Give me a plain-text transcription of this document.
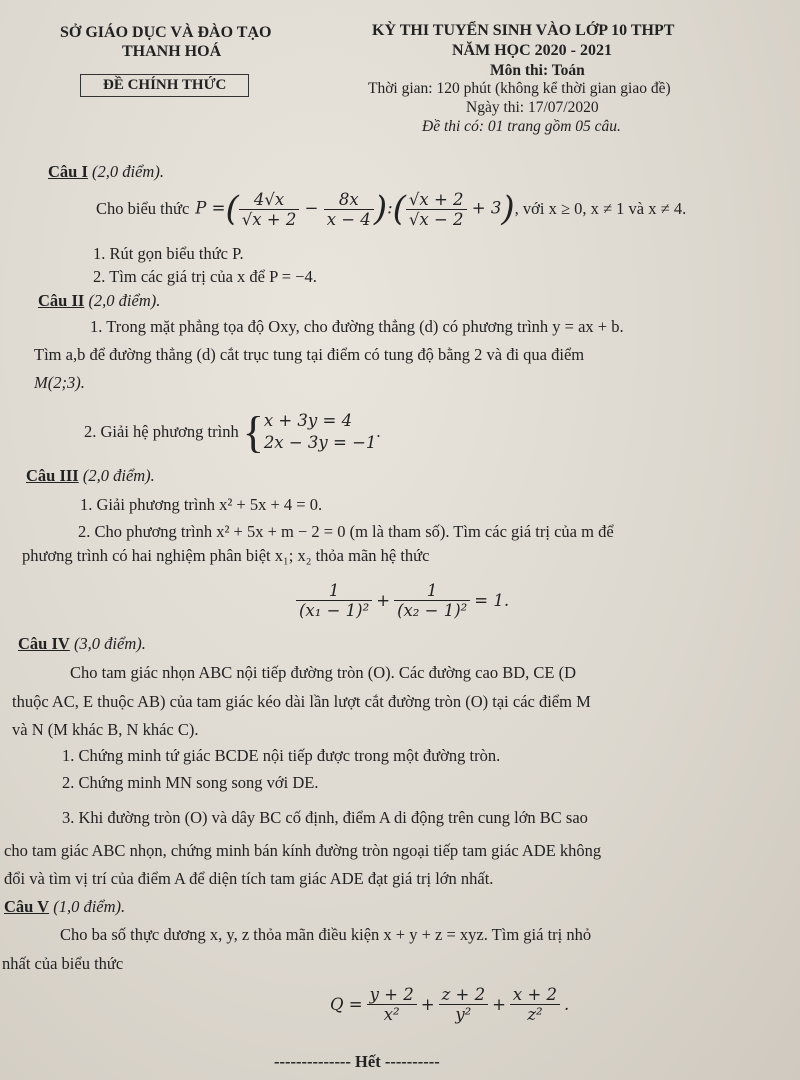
SỞ GIÁO DỤC VÀ ĐÀO TẠO
THANH HOÁ
ĐỀ CHÍNH THỨC
KỲ THI TUYỂN SINH VÀO LỚP 10 THPT
NĂM HỌC 2020 - 2021
Môn thi: Toán
Thời gian: 120 phút (không kể thời gian giao đề)
Ngày thi: 17/07/2020
Đề thi có: 01 trang gồm 05 câu.
Câu I (2,0 điểm).
Cho biểu thức P =( $\frac{4√x}{√x + 2} - \frac{8x}{x - 4}$ ):( $\frac{√x + 2}{√x - 2} + 3$) , với x ≥ 0, x ≠ 1 và x ≠ 4.
1. Rút gọn biểu thức P.
2. Tìm các giá trị của x để P = −4.
Câu II (2,0 điểm).
1. Trong mặt phẳng tọa độ Oxy, cho đường thẳng (d) có phương trình y = ax + b.
Tìm a,b để đường thẳng (d) cắt trục tung tại điểm có tung độ bằng 2 và đi qua điểm
M(2;3).
2. Giải hệ phương trình { x + 3y = 4
2x − 3y = −1
.
Câu III (2,0 điểm).
1. Giải phương trình x² + 5x + 4 = 0.
2. Cho phương trình x² + 5x + m − 2 = 0 (m là tham số). Tìm các giá trị của m để
phương trình có hai nghiệm phân biệt x₁; x₂ thỏa mãn hệ thức
$\frac{1}{\text{(x₁ − 1)²}} + \frac{1}{\text{(x₂ − 1)²}} = 1$.
Câu IV (3,0 điểm).
Cho tam giác nhọn ABC nội tiếp đường tròn (O). Các đường cao BD, CE (D
thuộc AC, E thuộc AB) của tam giác kéo dài lần lượt cắt đường tròn (O) tại các điểm M
và N (M khác B, N khác C).
1. Chứng minh tứ giác BCDE nội tiếp được trong một đường tròn.
2. Chứng minh MN song song với DE.
3. Khi đường tròn (O) và dây BC cố định, điểm A di động trên cung lớn BC sao
cho tam giác ABC nhọn, chứng minh bán kính đường tròn ngoại tiếp tam giác ADE không
đổi và tìm vị trí của điểm A để diện tích tam giác ADE đạt giá trị lớn nhất.
Câu V (1,0 điểm).
Cho ba số thực dương x, y, z thỏa mãn điều kiện x + y + z = xyz. Tìm giá trị nhỏ
nhất của biểu thức
$Q = \frac{y + 2}{\text{x²}} + \frac{z + 2}{\text{y²}} + \frac{x + 2}{\text{z²}}$ .
-------------- Hết ----------
